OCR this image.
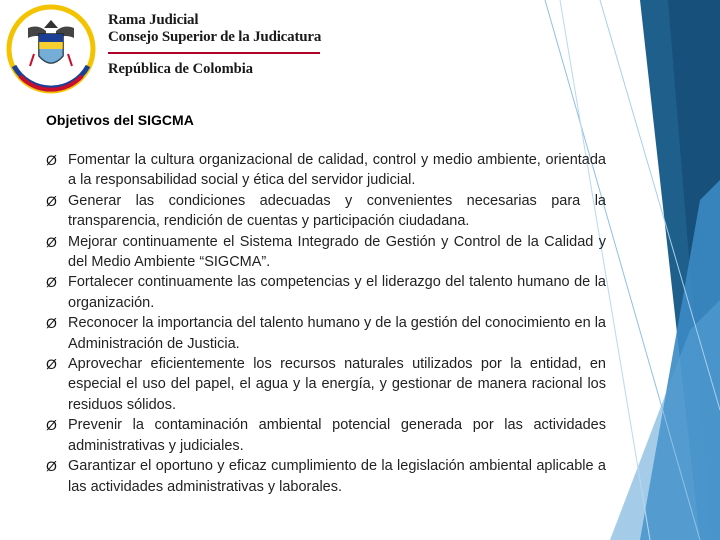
Rama Judicial
Consejo Superior de la Judicatura
República de Colombia
Objetivos del SIGCMA
Ø Fomentar la cultura organizacional de calidad, control y medio ambiente, orientada a la responsabilidad social y ética del servidor judicial.
Ø Generar las condiciones adecuadas y convenientes necesarias para la transparencia, rendición de cuentas y participación ciudadana.
Ø Mejorar continuamente el Sistema Integrado de Gestión y Control de la Calidad y del Medio Ambiente “SIGCMA”.
Ø Fortalecer continuamente las competencias y el liderazgo del talento humano de la organización.
Ø Reconocer la importancia del talento humano y de la gestión del conocimiento en la Administración de Justicia.
Ø Aprovechar eficientemente los recursos naturales utilizados por la entidad, en especial el uso del papel, el agua y la energía, y gestionar de manera racional los residuos sólidos.
Ø Prevenir la contaminación ambiental potencial generada por las actividades administrativas y judiciales.
Ø Garantizar el oportuno y eficaz cumplimiento de la legislación ambiental aplicable a las actividades administrativas y laborales.
